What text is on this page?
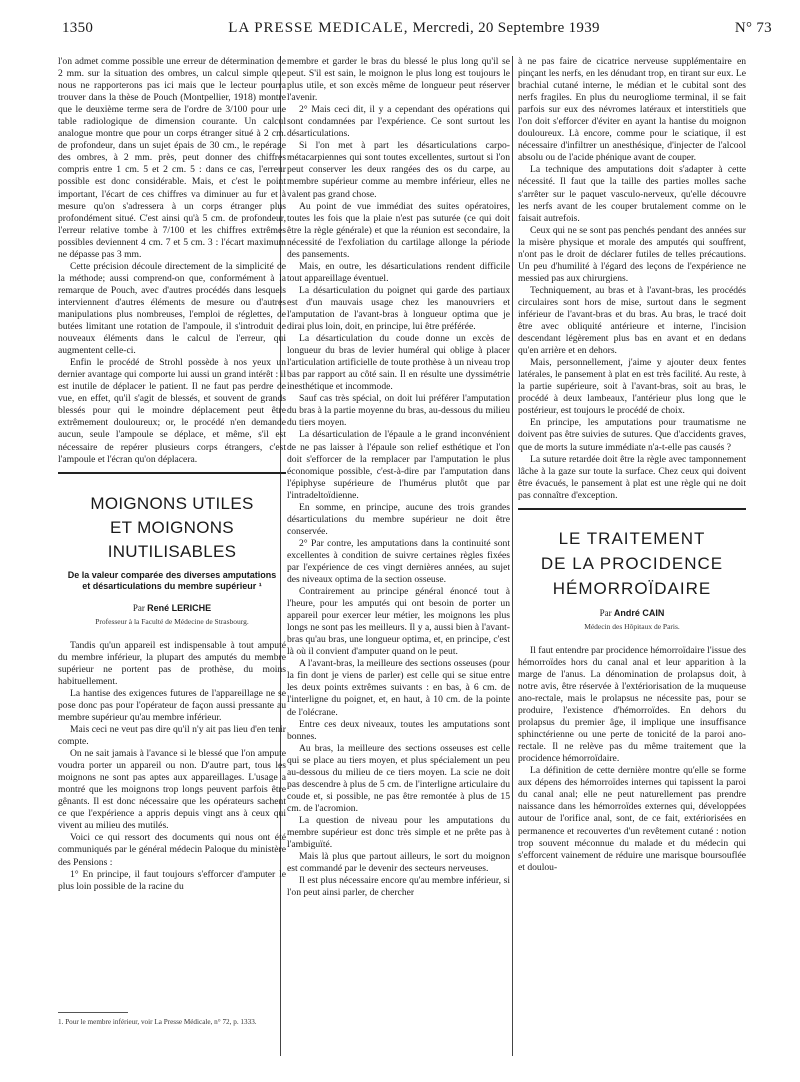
1350	LA PRESSE MEDICALE, Mercredi, 20 Septembre 1939	N° 73

l'on admet comme possible une erreur de détermination de 2 mm. sur la situation des ombres, un calcul simple que nous ne rapporterons pas ici mais que le lecteur pourra trouver dans la thèse de Pouch (Montpellier, 1918) montre que le deuxième terme sera de l'ordre de 3/100 pour une table radiologique de dimension courante. Un calcul analogue montre que pour un corps étranger situé à 2 cm. de profondeur, dans un sujet épais de 30 cm., le repérage des ombres, à 2 mm. près, peut donner des chiffres compris entre 1 cm. 5 et 2 cm. 5 : dans ce cas, l'erreur possible est donc considérable. Mais, et c'est le point important, l'écart de ces chiffres va diminuer au fur et à mesure qu'on s'adressera à un corps étranger plus profondément situé. C'est ainsi qu'à 5 cm. de profondeur, l'erreur relative tombe à 7/100 et les chiffres extrêmes possibles deviennent 4 cm. 7 et 5 cm. 3 : l'écart maximum ne dépasse pas 3 mm.

Cette précision découle directement de la simplicité de la méthode; aussi comprend-on que, conformément à la remarque de Pouch, avec d'autres procédés dans lesquels interviennent d'autres éléments de mesure ou d'autres manipulations plus nombreuses, l'emploi de réglettes, de butées limitant une rotation de l'ampoule, il s'introduit de nouveaux éléments dans le calcul de l'erreur, qui augmentent celle-ci.

Enfin le procédé de Strohl possède à nos yeux un dernier avantage qui comporte lui aussi un grand intérêt : il est inutile de déplacer le patient. Il ne faut pas perdre de vue, en effet, qu'il s'agit de blessés, et souvent de grands blessés pour qui le moindre déplacement peut être extrêmement douloureux; or, le procédé n'en demande aucun, seule l'ampoule se déplace, et même, s'il est nécessaire de repérer plusieurs corps étrangers, c'est l'ampoule et l'écran qu'on déplacera.

MOIGNONS UTILES
ET MOIGNONS INUTILISABLES
De la valeur comparée des diverses amputations et désarticulations du membre supérieur ¹
Par René LERICHE
Professeur à la Faculté de Médecine de Strasbourg.

Tandis qu'un appareil est indispensable à tout amputé du membre inférieur, la plupart des amputés du membre supérieur ne portent pas de prothèse, du moins habituellement.

La hantise des exigences futures de l'appareillage ne se pose donc pas pour l'opérateur de façon aussi pressante au membre supérieur qu'au membre inférieur.

Mais ceci ne veut pas dire qu'il n'y ait pas lieu d'en tenir compte.

On ne sait jamais à l'avance si le blessé que l'on ampute voudra porter un appareil ou non. D'autre part, tous les moignons ne sont pas aptes aux appareillages. L'usage a montré que les moignons trop longs peuvent parfois être gênants. Il est donc nécessaire que les opérateurs sachent ce que l'expérience a appris depuis vingt ans à ceux qui vivent au milieu des mutilés.

Voici ce qui ressort des documents qui nous ont été communiqués par le général médecin Paloque du ministère des Pensions :

1° En principe, il faut toujours s'efforcer d'amputer le plus loin possible de la racine du

1. Pour le membre inférieur, voir La Presse Médicale, n° 72, p. 1333.

membre et garder le bras du blessé le plus long qu'il se peut. S'il est sain, le moignon le plus long est toujours le plus utile, et son excès même de longueur peut réserver l'avenir.

2° Mais ceci dit, il y a cependant des opérations qui sont condamnées par l'expérience. Ce sont surtout les désarticulations.

Si l'on met à part les désarticulations carpo-métacarpiennes qui sont toutes excellentes, surtout si l'on peut conserver les deux rangées des os du carpe, au membre supérieur comme au membre inférieur, elles ne valent pas grand chose.

Au point de vue immédiat des suites opératoires, toutes les fois que la plaie n'est pas suturée (ce qui doit être la règle générale) et que la réunion est secondaire, la nécessité de l'exfoliation du cartilage allonge la période des pansements.

Mais, en outre, les désarticulations rendent difficile tout appareillage éventuel.

La désarticulation du poignet qui garde des partiaux est d'un mauvais usage chez les manouvriers et l'amputation de l'avant-bras à longueur optima que je dirai plus loin, doit, en principe, lui être préférée.

La désarticulation du coude donne un excès de longueur du bras de levier huméral qui oblige à placer l'articulation artificielle de toute prothèse à un niveau trop bas par rapport au côté sain. Il en résulte une dyssimétrie inesthétique et incommode.

Sauf cas très spécial, on doit lui préférer l'amputation du bras à la partie moyenne du bras, au-dessous du milieu du tiers moyen.

La désarticulation de l'épaule a le grand inconvénient de ne pas laisser à l'épaule son relief esthétique et l'on doit s'efforcer de la remplacer par l'amputation le plus économique possible, c'est-à-dire par l'amputation dans l'épiphyse supérieure de l'humérus plutôt que par l'intradeltoïdienne.

En somme, en principe, aucune des trois grandes désarticulations du membre supérieur ne doit être conservée.

2° Par contre, les amputations dans la continuité sont excellentes à condition de suivre certaines règles fixées par l'expérience de ces vingt dernières années, au sujet des niveaux optima de la section osseuse.

Contrairement au principe général énoncé tout à l'heure, pour les amputés qui ont besoin de porter un appareil pour exercer leur métier, les moignons les plus longs ne sont pas les meilleurs. Il y a, aussi bien à l'avant-bras qu'au bras, une longueur optima, et, en principe, c'est là où il convient d'amputer quand on le peut.

A l'avant-bras, la meilleure des sections osseuses (pour la fin dont je viens de parler) est celle qui se situe entre les deux points extrêmes suivants : en bas, à 6 cm. de l'interligne du poignet, et, en haut, à 10 cm. de la pointe de l'olécrane.

Entre ces deux niveaux, toutes les amputations sont bonnes.

Au bras, la meilleure des sections osseuses est celle qui se place au tiers moyen, et plus spécialement un peu au-dessous du milieu de ce tiers moyen. La scie ne doit pas descendre à plus de 5 cm. de l'interligne articulaire du coude et, si possible, ne pas être remontée à plus de 15 cm. de l'acromion.

La question de niveau pour les amputations du membre supérieur est donc très simple et ne prête pas à l'ambiguïté.

Mais là plus que partout ailleurs, le sort du moignon est commandé par le devenir des secteurs nerveuses.

Il est plus nécessaire encore qu'au membre inférieur, si l'on peut ainsi parler, de chercher

à ne pas faire de cicatrice nerveuse supplémentaire en pinçant les nerfs, en les dénudant trop, en tirant sur eux. Le brachial cutané interne, le médian et le cubital sont des nerfs fragiles. En plus du neurogliome terminal, il se fait parfois sur eux des névromes latéraux et interstitiels que l'on doit s'efforcer d'éviter en ayant la hantise du moignon douloureux. Là encore, comme pour le sciatique, il est nécessaire d'infiltrer un anesthésique, d'injecter de l'alcool absolu ou de l'acide phénique avant de couper.

La technique des amputations doit s'adapter à cette nécessité. Il faut que la taille des parties molles sache s'arrêter sur le paquet vasculo-nerveux, qu'elle découvre les nerfs avant de les couper brutalement comme on le faisait autrefois.

Ceux qui ne se sont pas penchés pendant des années sur la misère physique et morale des amputés qui souffrent, n'ont pas le droit de déclarer futiles de telles précautions. Un peu d'humilité à l'égard des leçons de l'expérience ne messied pas aux chirurgiens.

Techniquement, au bras et à l'avant-bras, les procédés circulaires sont hors de mise, surtout dans le segment inférieur de l'avant-bras et du bras. Au bras, le tracé doit être avec obliquité antérieure et interne, l'incision descendant légèrement plus bas en avant et en dedans qu'en arrière et en dehors.

Mais, personnellement, j'aime y ajouter deux fentes latérales, le pansement à plat en est très facilité. Au reste, à la partie supérieure, soit à l'avant-bras, soit au bras, le procédé à deux lambeaux, l'antérieur plus long que le postérieur, est toujours le procédé de choix.

En principe, les amputations pour traumatisme ne doivent pas être suivies de sutures. Que d'accidents graves, que de morts la suture immédiate n'a-t-elle pas causés ?

La suture retardée doit être la règle avec tamponnement lâche à la gaze sur toute la surface. Chez ceux qui doivent être évacués, le pansement à plat est une règle qui ne doit pas connaître d'exception.

LE TRAITEMENT
DE LA PROCIDENCE
HÉMORROÏDAIRE
Par André CAIN
Médecin des Hôpitaux de Paris.

Il faut entendre par procidence hémorroïdaire l'issue des hémorroïdes hors du canal anal et leur apparition à la marge de l'anus. La dénomination de prolapsus doit, à notre avis, être réservée à l'extériorisation de la muqueuse ano-rectale, mais le prolapsus ne nécessite pas, pour se produire, l'existence d'hémorroïdes. En dehors du prolapsus du premier âge, il implique une insuffisance sphinctérienne ou une perte de tonicité de la paroi ano-rectale. Il ne relève pas du même traitement que la procidence hémorroïdaire.

La définition de cette dernière montre qu'elle se forme aux dépens des hémorroïdes internes qui tapissent la paroi du canal anal; elle ne peut naturellement pas prendre naissance dans les hémorroïdes externes qui, développées autour de l'orifice anal, sont, de ce fait, extériorisées en permanence et recouvertes d'un revêtement cutané : notion trop souvent méconnue du malade et du médecin qui s'efforcent vainement de réduire une marisque boursouflée et doulou-
